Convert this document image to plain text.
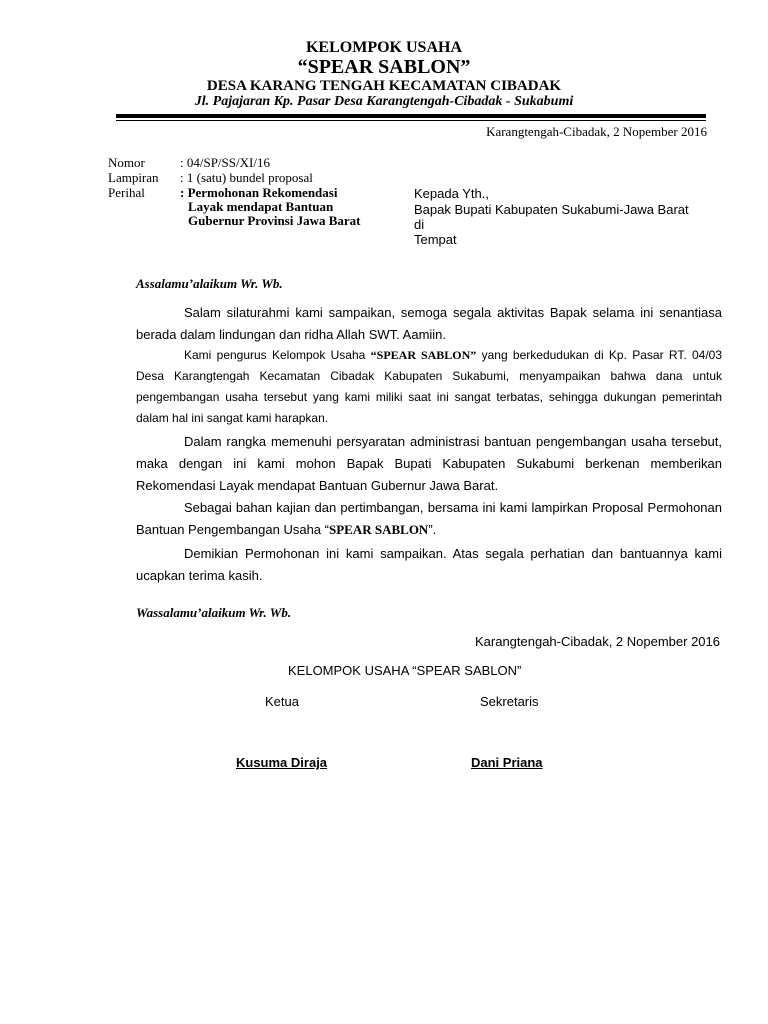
KELOMPOK USAHA
“SPEAR SABLON”
DESA KARANG TENGAH KECAMATAN CIBADAK
Jl. Pajajaran Kp. Pasar Desa Karangtengah-Cibadak - Sukabumi
Karangtengah-Cibadak, 2 Nopember 2016
Nomor	: 04/SP/SS/XI/16
Lampiran : 1 (satu) bundel proposal
Perihal	: Permohonan Rekomendasi
Layak mendapat Bantuan
Gubernur Provinsi Jawa Barat
Kepada Yth.,
Bapak Bupati Kabupaten Sukabumi-Jawa Barat
di
Tempat
Assalamu’alaikum Wr. Wb.
Salam silaturahmi kami sampaikan, semoga segala aktivitas Bapak selama ini senantiasa berada dalam lindungan dan ridha Allah SWT. Aamiin.
Kami pengurus Kelompok Usaha “SPEAR SABLON” yang berkedudukan di Kp. Pasar RT. 04/03 Desa Karangtengah Kecamatan Cibadak Kabupaten Sukabumi, menyampaikan bahwa dana untuk pengembangan usaha tersebut yang kami miliki saat ini sangat terbatas, sehingga dukungan pemerintah dalam hal ini sangat kami harapkan.
Dalam rangka memenuhi persyaratan administrasi bantuan pengembangan usaha tersebut, maka dengan ini kami mohon Bapak Bupati Kabupaten Sukabumi berkenan memberikan Rekomendasi Layak mendapat Bantuan Gubernur Jawa Barat.
Sebagai bahan kajian dan pertimbangan, bersama ini kami lampirkan Proposal Permohonan Bantuan Pengembangan Usaha “SPEAR SABLON”.
Demikian Permohonan ini kami sampaikan. Atas segala perhatian dan bantuannya kami ucapkan terima kasih.
Wassalamu’alaikum Wr. Wb.
Karangtengah-Cibadak, 2 Nopember 2016
KELOMPOK USAHA “SPEAR SABLON”
Ketua	Sekretaris
Kusuma Diraja	Dani Priana
